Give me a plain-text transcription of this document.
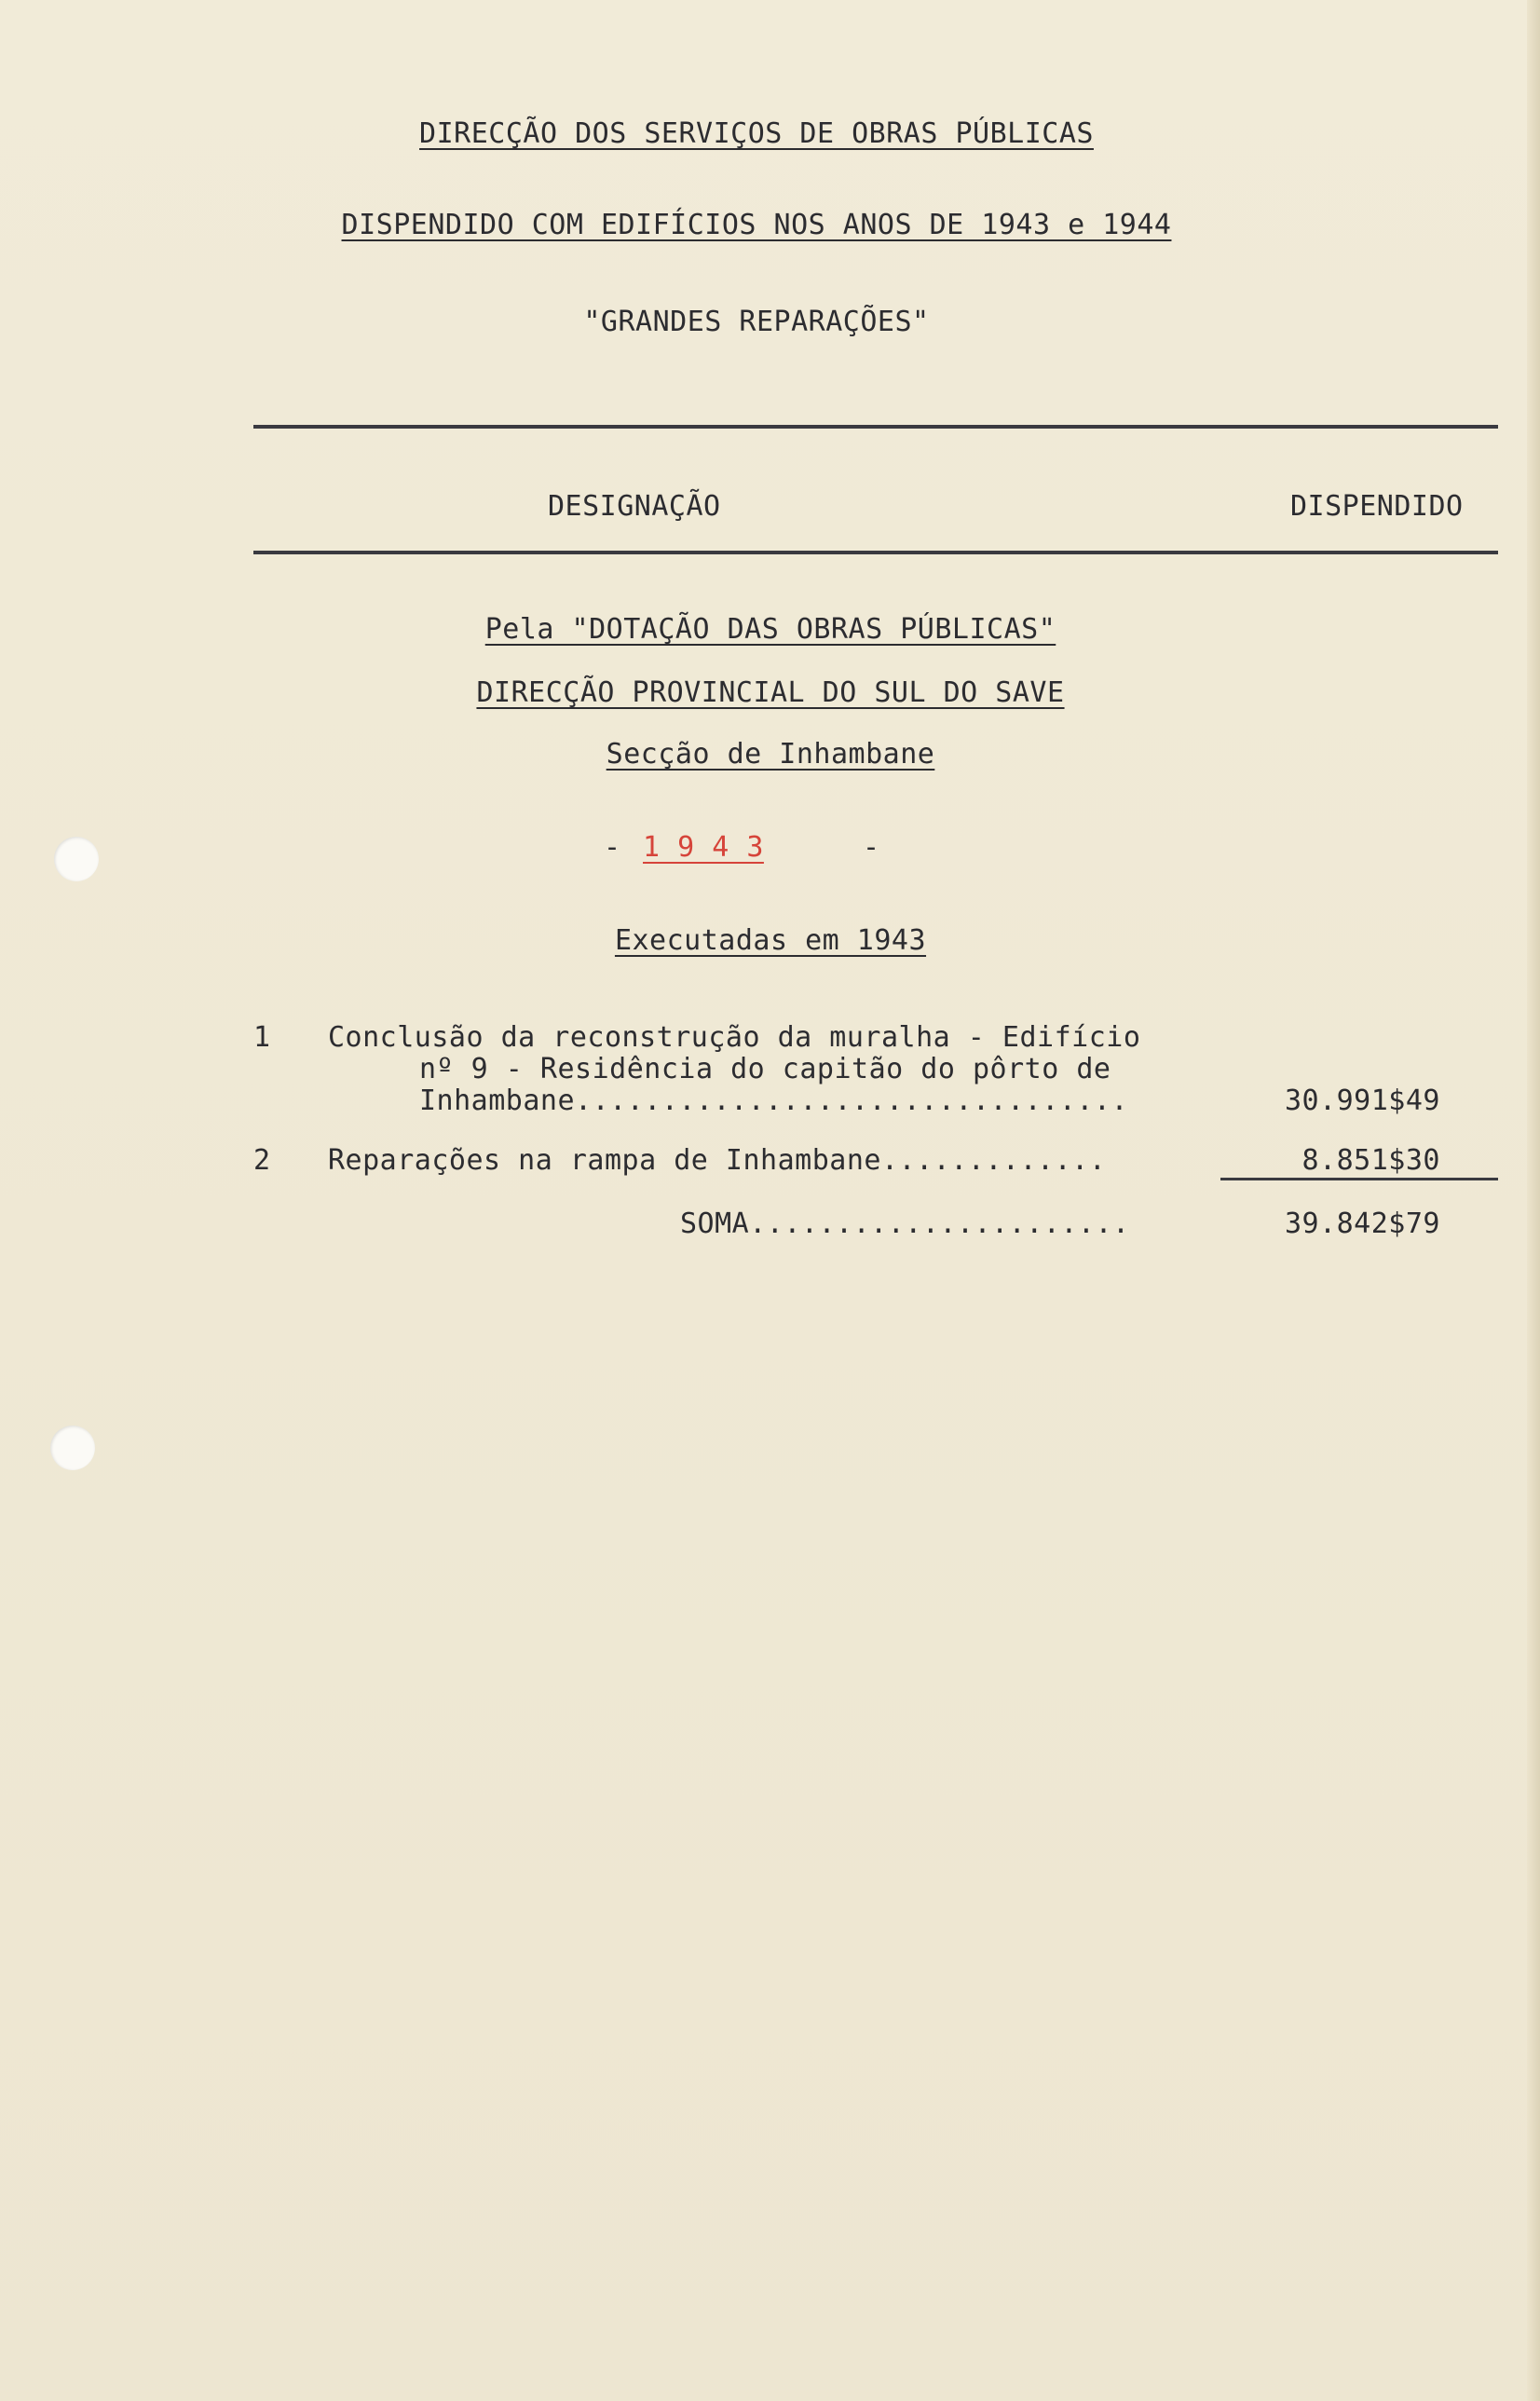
DIRECÇÃO DOS SERVIÇOS DE OBRAS PÚBLICAS
DISPENDIDO COM EDIFÍCIOS NOS ANOS DE 1943 e 1944
"GRANDES REPARAÇÕES"
DESIGNAÇÃO	DISPENDIDO
Pela "DOTAÇÃO DAS OBRAS PÚBLICAS"
DIRECÇÃO PROVINCIAL DO SUL DO SAVE
Secção de Inhambane
- 1 9 4 3	-
Executadas em 1943
1 Conclusão da reconstrução da muralha - Edifício
nº 9 - Residência do capitão do pôrto de
Inhambane................................	30.991$49
2 Reparações na rampa de Inhambane.............	8.851$30
SOMA......................	39.842$79
